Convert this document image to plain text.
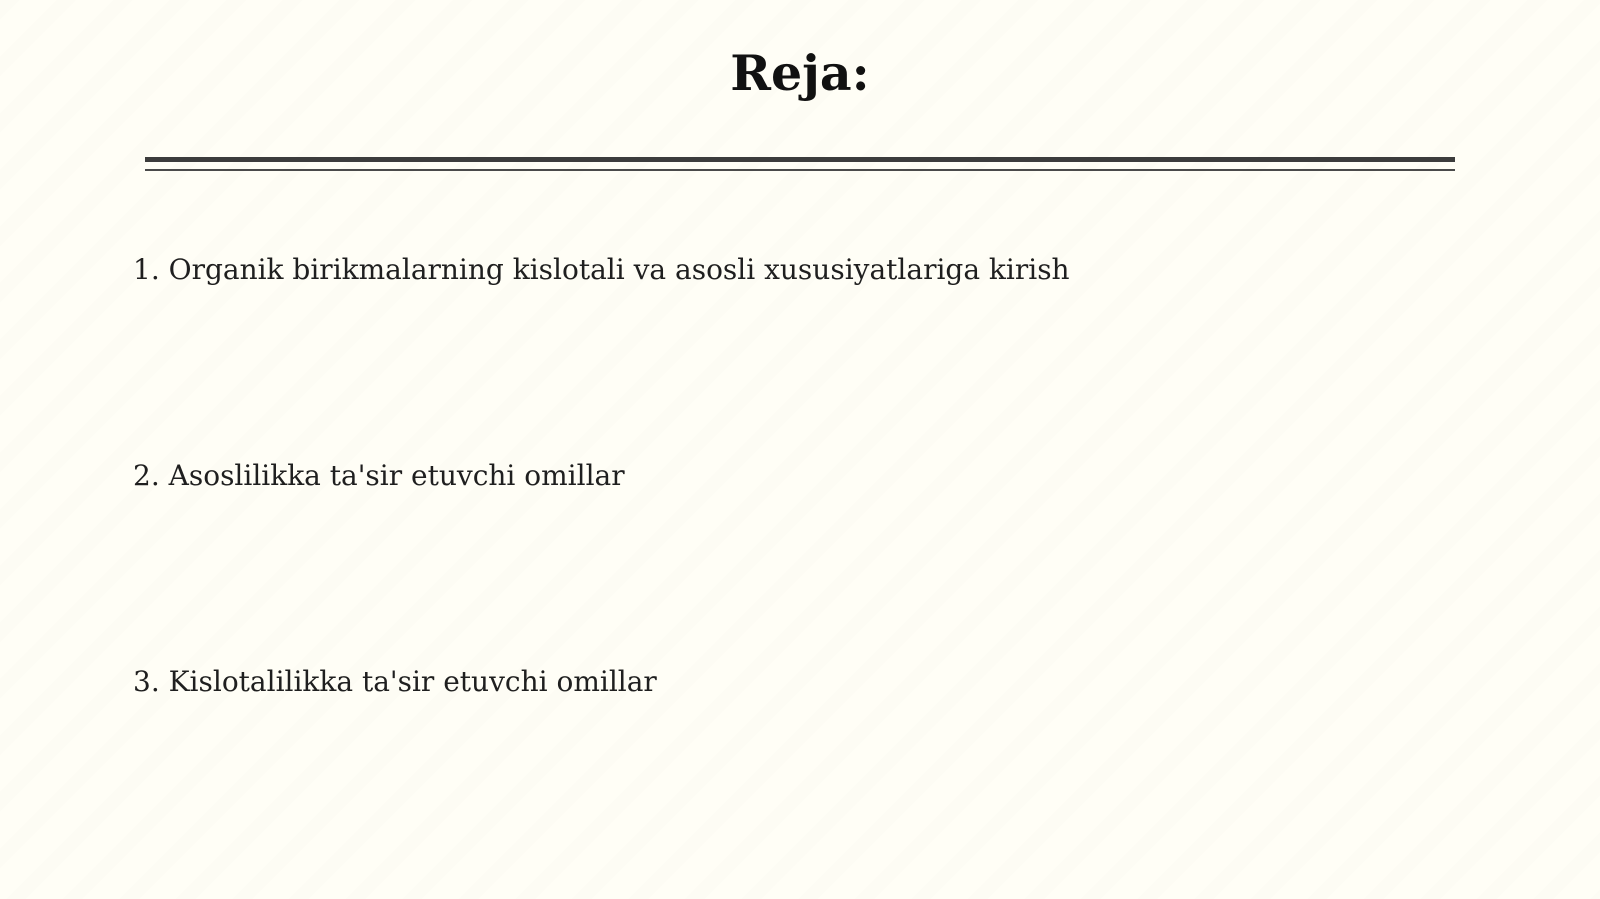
Reja:

1. Organik birikmalarning kislotali va asosli xususiyatlariga kirish

2. Asoslilikka ta'sir etuvchi omillar

3. Kislotalilikka ta'sir etuvchi omillar
